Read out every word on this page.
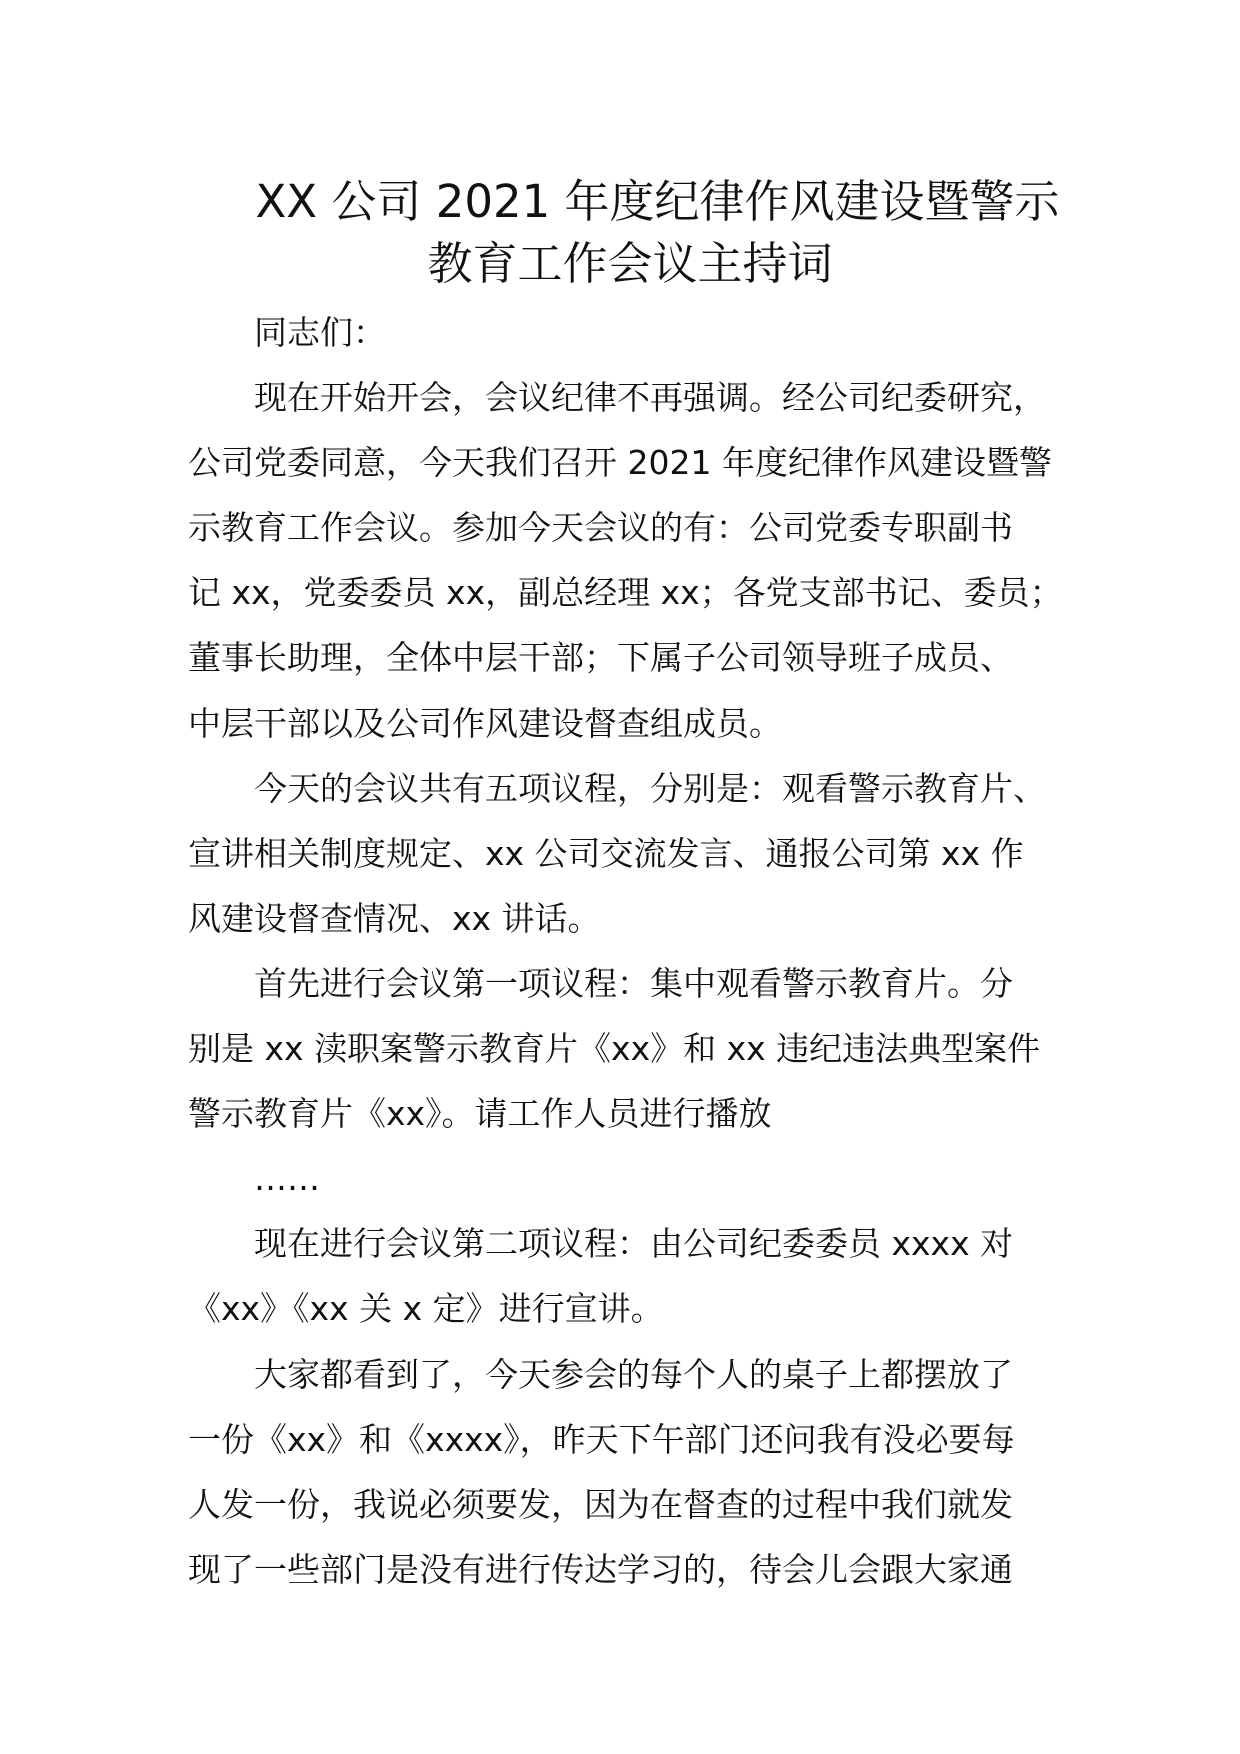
XX 公司 2021 年度纪律作风建设暨警示
教育工作会议主持词

同志们：

现在开始开会，会议纪律不再强调。经公司纪委研究，

公司党委同意，今天我们召开 2021 年度纪律作风建设暨警

示教育工作会议。参加今天会议的有：公司党委专职副书

记 xx，党委委员 xx，副总经理 xx；各党支部书记、委员；

董事长助理，全体中层干部；下属子公司领导班子成员、

中层干部以及公司作风建设督查组成员。

今天的会议共有五项议程，分别是：观看警示教育片、

宣讲相关制度规定、xx 公司交流发言、通报公司第 xx 作

风建设督查情况、xx 讲话。

首先进行会议第一项议程：集中观看警示教育片。分

别是 xx 渎职案警示教育片《xx》和 xx 违纪违法典型案件

警示教育片《xx》。请工作人员进行播放

……

现在进行会议第二项议程：由公司纪委委员 xxxx 对

《xx》《xx 关 x 定》进行宣讲。

大家都看到了，今天参会的每个人的桌子上都摆放了

一份《xx》和《xxxx》，昨天下午部门还问我有没必要每

人发一份，我说必须要发，因为在督查的过程中我们就发

现了一些部门是没有进行传达学习的，待会儿会跟大家通
